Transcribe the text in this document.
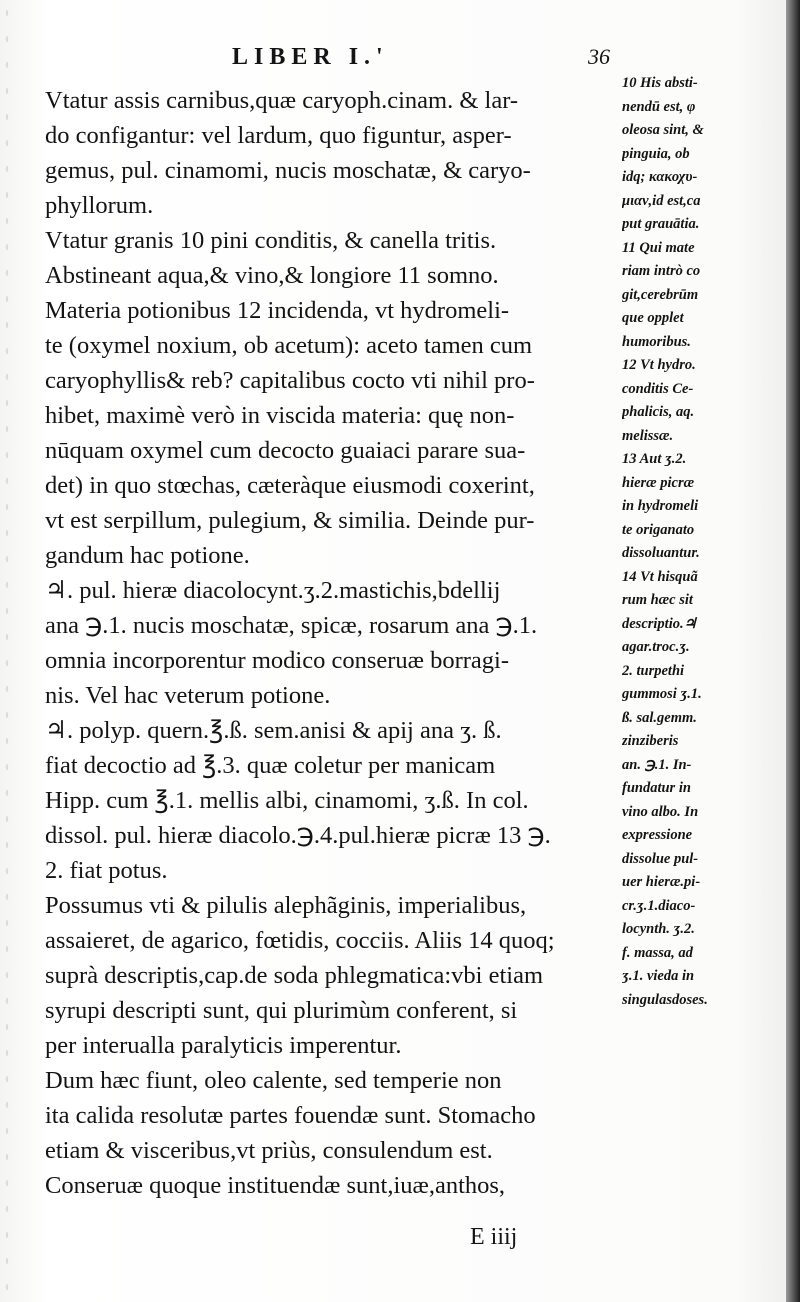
LIBER I.'	36
Vtatur assis carnibus,quæ caryoph.cinam. & lar-
do configantur: vel lardum, quo figuntur, asper-
gemus, pul. cinamomi, nucis moschatæ, & caryo-
phyllorum.
Vtatur granis 10 pini conditis, & canella tritis.
Abstineant aqua,& vino,& longiore 11 somno.
Materia potionibus 12 incidenda, vt hydromeli-
te (oxymel noxium, ob acetum): aceto tamen cum
caryophyllis& reb? capitalibus cocto vti nihil pro-
hibet, maximè verò in viscida materia: quę non-
nūquam oxymel cum decocto guaiaci parare suа-
det) in quo stœchas, cæteràque eiusmodi coxerint,
vt est serpillum, pulegium, & similia. Deinde pur-
gandum hac potione.
♃. pul. hieræ diacolocynt.ʒ.2.mastichis,bdellij
ana ℈.1. nucis moschatæ, spicæ, rosarum ana ℈.1.
omnia incorporentur modico conseruæ borragi-
nis. Vel hac veterum potione.
♃. polyp. quern.℥.ß. sem.anisi & apij ana ʒ. ß.
fiat decoctio ad ℥.3. quæ coletur per manicam
Hipp. cum ℥.1. mellis albi, cinamomi, ʒ.ß. In col.
dissol. pul. hieræ diacolo.℈.4.pul.hieræ picræ 13 ℈.
2. fiat potus.
Possumus vti & pilulis alephãginis, imperialibus,
assaieret, de agarico, fœtidis, cocciis. Aliis 14 quoq;
suprà descriptis,cap.de soda phlegmatica:vbi etiam
syrupi descripti sunt, qui plurimùm conferent, si
per interualla paralyticis imperentur.
Dum hæc fiunt, oleo calente, sed temperie non
ita calida resolutæ partes fouendæ sunt. Stomacho
etiam & visceribus,vt priùs, consulendum est.
Conseruæ quoque instituendæ sunt,iuæ,anthos,
10 His absti-
nendū est, φ
oleosa sint, &
pinguia, ob
idq; κακοχυ-
μιαν,id est,ca
put grauātia.
11 Qui mate
riam intrò co
git,cerebrūm
que opplet
humoribus.
12 Vt hydro.
conditis Ce-
phalicis, aq.
melissæ.
13 Aut ʒ.2.
hieræ picræ
in hydromeli
te origanato
dissoluantur.
14 Vt hisquã
rum hæc sit
descriptio.♃
agar.troc.ʒ.
2. turpethi
gummosi ʒ.1.
ß. sal.gemm.
zinziberis
an. ℈.1. In-
fundatur in
vino albo. In
expressione
dissolue pul-
uer hieræ.pi-
cr.ʒ.1.diaco-
locynth. ʒ.2.
f. massa, ad
ʒ.1. vieda in
singulasdoses.
E iiij
